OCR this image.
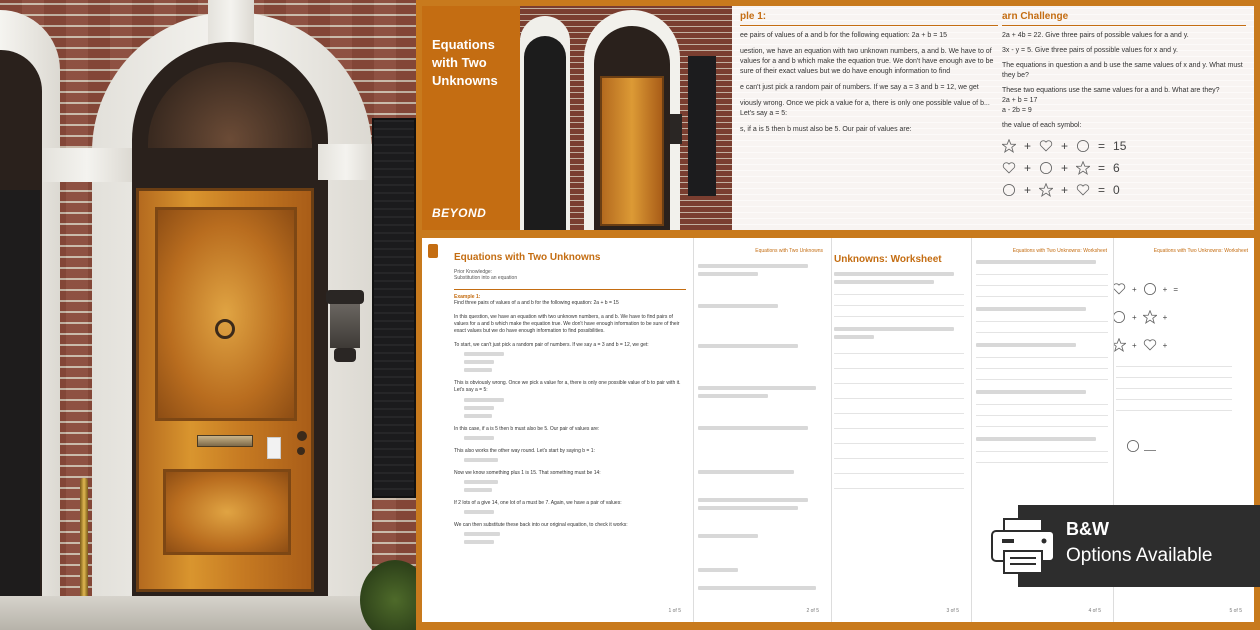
Equations with Two Unknowns
BEYOND
ple 1:

ee pairs of values of a and b for the following equation: 2a + b = 15

uestion, we have an equation with two unknown numbers, a and b. We have to of values for a and b which make the equation true. We don't have enough ave to be sure of their exact values but we do have enough information to find

e can't just pick a random pair of numbers. If we say a = 3 and b = 12, we get

viously wrong. Once we pick a value for a, there is only one possible value of b... Let's say a = 5:

s, if a is 5 then b must also be 5. Our pair of values are:

arn Challenge

2a + 4b = 22. Give three pairs of possible values for a and y.

3x - y = 5. Give three pairs of possible values for x and y.

The equations in question a and b use the same values of x and y. What must they be?

These two equations use the same values for a and b. What are they?

2a + b = 17

a - 2b = 9

the value of each symbol:

+	+	= 15
+	+	= 6
+	+	= 0
Equations with Two Unknowns
Prior Knowledge:
Substitution into an equation
Example 1:
Find three pairs of values of a and b for the following equation: 2a + b = 15
In this question, we have an equation with two unknown numbers, a and b. We have to find pairs of values for a and b which make the equation true. We don't have enough information to be sure of their exact values but we do have enough information to find possibilities.
To start, we can't just pick a random pair of numbers. If we say a = 3 and b = 12, we get:
This is obviously wrong. Once we pick a value for a, there is only one possible value of b to pair with it. Let's say a = 5:
In this case, if a is 5 then b must also be 5. Our pair of values are:
This also works the other way round. Let's start by saying b = 1:
Now we know something plus 1 is 15. That something must be 14:
If 2 lots of a give 14, one lot of a must be 7. Again, we have a pair of values:
We can then substitute these back into our original equation, to check it works:
1 of 5
Equations with Two Unknowns
2 of 5
Unknowns: Worksheet
3 of 5
Equations with Two Unknowns: Worksheet
4 of 5
Equations with Two Unknowns: Worksheet
+	+ =
+	+
+	+
5 of 5
B&W
Options Available
